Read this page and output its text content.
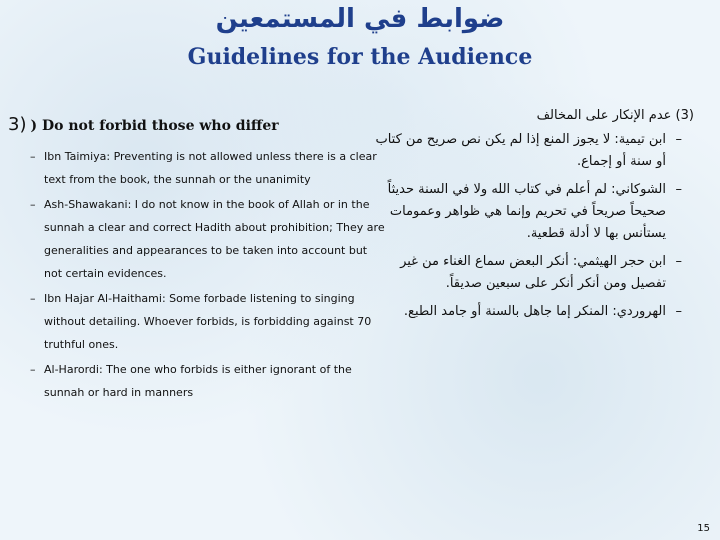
ضوابط في المستمعين
Guidelines for the Audience
3) ) Do not forbid those who differ
– Ibn Taimiya: Preventing is not allowed unless there is a clear text from the book, the sunnah or the unanimity
– Ash-Shawakani: I do not know in the book of Allah or in the sunnah a clear and correct Hadith about prohibition; They are generalities and appearances to be taken into account but not certain evidences.
– Ibn Hajar Al-Haithami: Some forbade listening to singing without detailing. Whoever forbids, is forbidding against 70 truthful ones.
– Al-Harordi: The one who forbids is either ignorant of the sunnah or hard in manners
(3) عدم الإنكار على المخالف
–
ابن تيمية: لا يجوز المنع إذا لم يكن نص صريح من كتاب أو سنة أو إجماع.
–
الشوكاني: لم أعلم في كتاب الله ولا في السنة حديثاً صحيحاً صريحاً في تحريم وإنما هي ظواهر وعمومات يستأنس بها لا أدلة قطعية.
–
ابن حجر الهيثمي: أنكر البعض سماع الغناء من غير تفصيل ومن أنكر أنكر على سبعين صديقاً.
–
الهروردي: المنكر إما جاهل بالسنة أو جامد الطبع.
15
